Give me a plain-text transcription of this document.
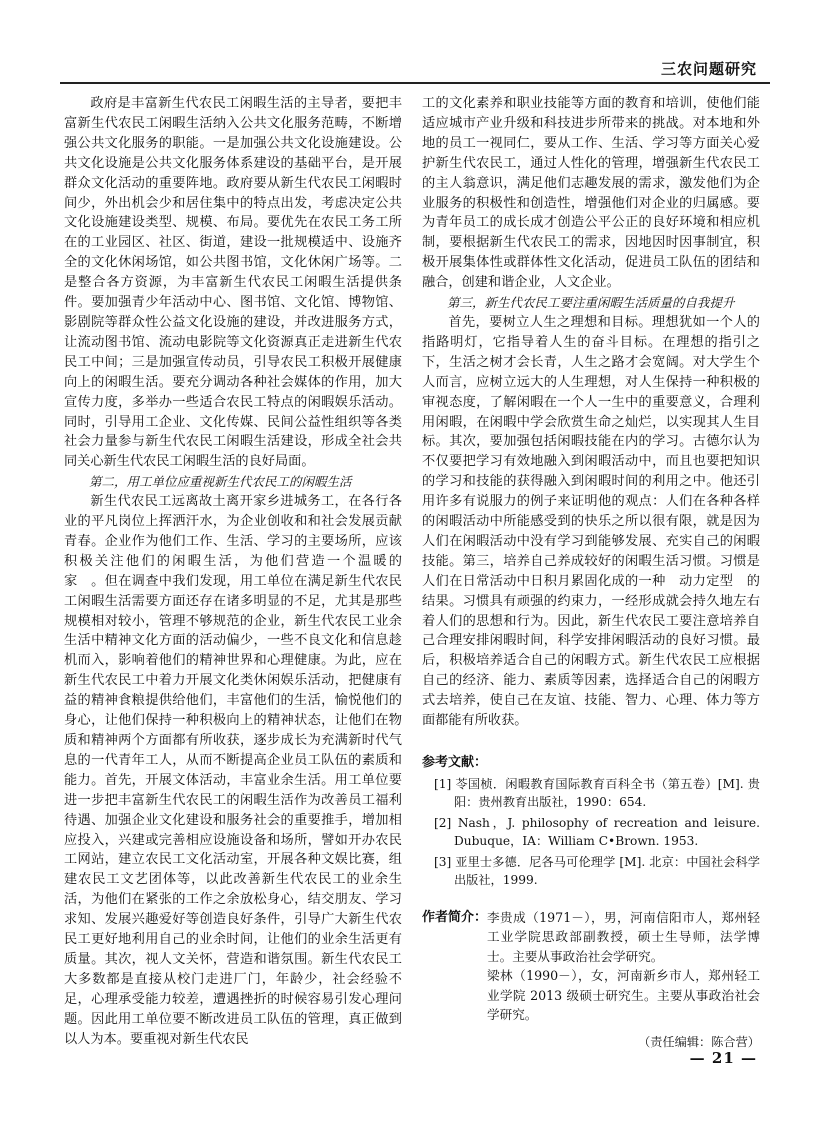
三农问题研究

政府是丰富新生代农民工闲暇生活的主导者，要把丰富新生代农民工闲暇生活纳入公共文化服务范畴，不断增强公共文化服务的职能。一是加强公共文化设施建设。公共文化设施是公共文化服务体系建设的基础平台，是开展群众文化活动的重要阵地。政府要从新生代农民工闲暇时间少，外出机会少和居住集中的特点出发，考虑决定公共文化设施建设类型、规模、布局。要优先在农民工务工所在的工业园区、社区、街道，建设一批规模适中、设施齐全的文化休闲场馆，如公共图书馆，文化休闲广场等。二是整合各方资源，为丰富新生代农民工闲暇生活提供条件。要加强青少年活动中心、图书馆、文化馆、博物馆、影剧院等群众性公益文化设施的建设，并改进服务方式，让流动图书馆、流动电影院等文化资源真正走进新生代农民工中间；三是加强宣传动员，引导农民工积极开展健康向上的闲暇生活。要充分调动各种社会媒体的作用，加大宣传力度，多举办一些适合农民工特点的闲暇娱乐活动。同时，引导用工企业、文化传媒、民间公益性组织等各类社会力量参与新生代农民工闲暇生活建设，形成全社会共同关心新生代农民工闲暇生活的良好局面。

第二，用工单位应重视新生代农民工的闲暇生活

新生代农民工远离故土离开家乡进城务工，在各行各业的平凡岗位上挥洒汗水，为企业创收和和社会发展贡献青春。企业作为他们工作、生活、学习的主要场所，应该积极关注他们的闲暇生活，为他们营造一个温暖的　家　。但在调查中我们发现，用工单位在满足新生代农民工闲暇生活需要方面还存在诸多明显的不足，尤其是那些规模相对较小，管理不够规范的企业，新生代农民工业余生活中精神文化方面的活动偏少，一些不良文化和信息趁机而入，影响着他们的精神世界和心理健康。为此，应在新生代农民工中着力开展文化类休闲娱乐活动，把健康有益的精神食粮提供给他们，丰富他们的生活，愉悦他们的身心，让他们保持一种积极向上的精神状态，让他们在物质和精神两个方面都有所收获，逐步成长为充满新时代气息的一代青年工人，从而不断提高企业员工队伍的素质和能力。首先，开展文体活动，丰富业余生活。用工单位要进一步把丰富新生代农民工的闲暇生活作为改善员工福利待遇、加强企业文化建设和服务社会的重要推手，增加相应投入，兴建或完善相应设施设备和场所，譬如开办农民工网站，建立农民工文化活动室，开展各种文娱比赛，组建农民工文艺团体等，以此改善新生代农民工的业余生活，为他们在紧张的工作之余放松身心，结交朋友、学习求知、发展兴趣爱好等创造良好条件，引导广大新生代农民工更好地利用自己的业余时间，让他们的业余生活更有质量。其次，视人文关怀，营造和谐氛围。新生代农民工大多数都是直接从校门走进厂门，年龄少，社会经验不足，心理承受能力较差，遭遇挫折的时候容易引发心理问题。因此用工单位要不断改进员工队伍的管理，真正做到以人为本。要重视对新生代农民

工的文化素养和职业技能等方面的教育和培训，使他们能适应城市产业升级和科技进步所带来的挑战。对本地和外地的员工一视同仁，要从工作、生活、学习等方面关心爱护新生代农民工，通过人性化的管理，增强新生代农民工的主人翁意识，满足他们志趣发展的需求，激发他们为企业服务的积极性和创造性，增强他们对企业的归属感。要为青年员工的成长成才创造公平公正的良好环境和相应机制，要根据新生代农民工的需求，因地因时因事制宜，积极开展集体性或群体性文化活动，促进员工队伍的团结和融合，创建和谐企业，人文企业。

第三，新生代农民工要注重闲暇生活质量的自我提升

首先，要树立人生之理想和目标。理想犹如一个人的指路明灯，它指导着人生的奋斗目标。在理想的指引之下，生活之树才会长青，人生之路才会宽阔。对大学生个人而言，应树立远大的人生理想，对人生保持一种积极的审视态度，了解闲暇在一个人一生中的重要意义，合理利用闲暇，在闲暇中学会欣赏生命之灿烂，以实现其人生目标。其次，要加强包括闲暇技能在内的学习。古德尔认为不仅要把学习有效地融入到闲暇活动中，而且也要把知识的学习和技能的获得融入到闲暇时间的利用之中。他还引用许多有说服力的例子来证明他的观点：人们在各种各样的闲暇活动中所能感受到的快乐之所以很有限，就是因为人们在闲暇活动中没有学习到能够发展、充实自己的闲暇技能。第三，培养自己养成较好的闲暇生活习惯。习惯是人们在日常活动中日积月累固化成的一种　动力定型　的结果。习惯具有顽强的约束力，一经形成就会持久地左右着人们的思想和行为。因此，新生代农民工要注意培养自己合理安排闲暇时间，科学安排闲暇活动的良好习惯。最后，积极培养适合自己的闲暇方式。新生代农民工应根据自己的经济、能力、素质等因素，选择适合自己的闲暇方式去培养，使自己在友谊、技能、智力、心理、体力等方面都能有所收获。

参考文献：
[1] 苓国桢．闲暇教育国际教育百科全书（第五卷）[M]. 贵阳：贵州教育出版社，1990：654.
[2] Nash，J. philosophy of recreation and leisure. Dubuque，IA：William C•Brown. 1953.
[3] 亚里士多德．尼各马可伦理学 [M]. 北京：中国社会科学出版社，1999.
作者简介： 李贵成（1971－），男，河南信阳市人，郑州轻工业学院思政部副教授，硕士生导师，法学博士。主要从事政治社会学研究。

梁林（1990－），女，河南新乡市人，郑州轻工业学院 2013 级硕士研究生。主要从事政治社会学研究。

（责任编辑：陈合营）
— 21 —
